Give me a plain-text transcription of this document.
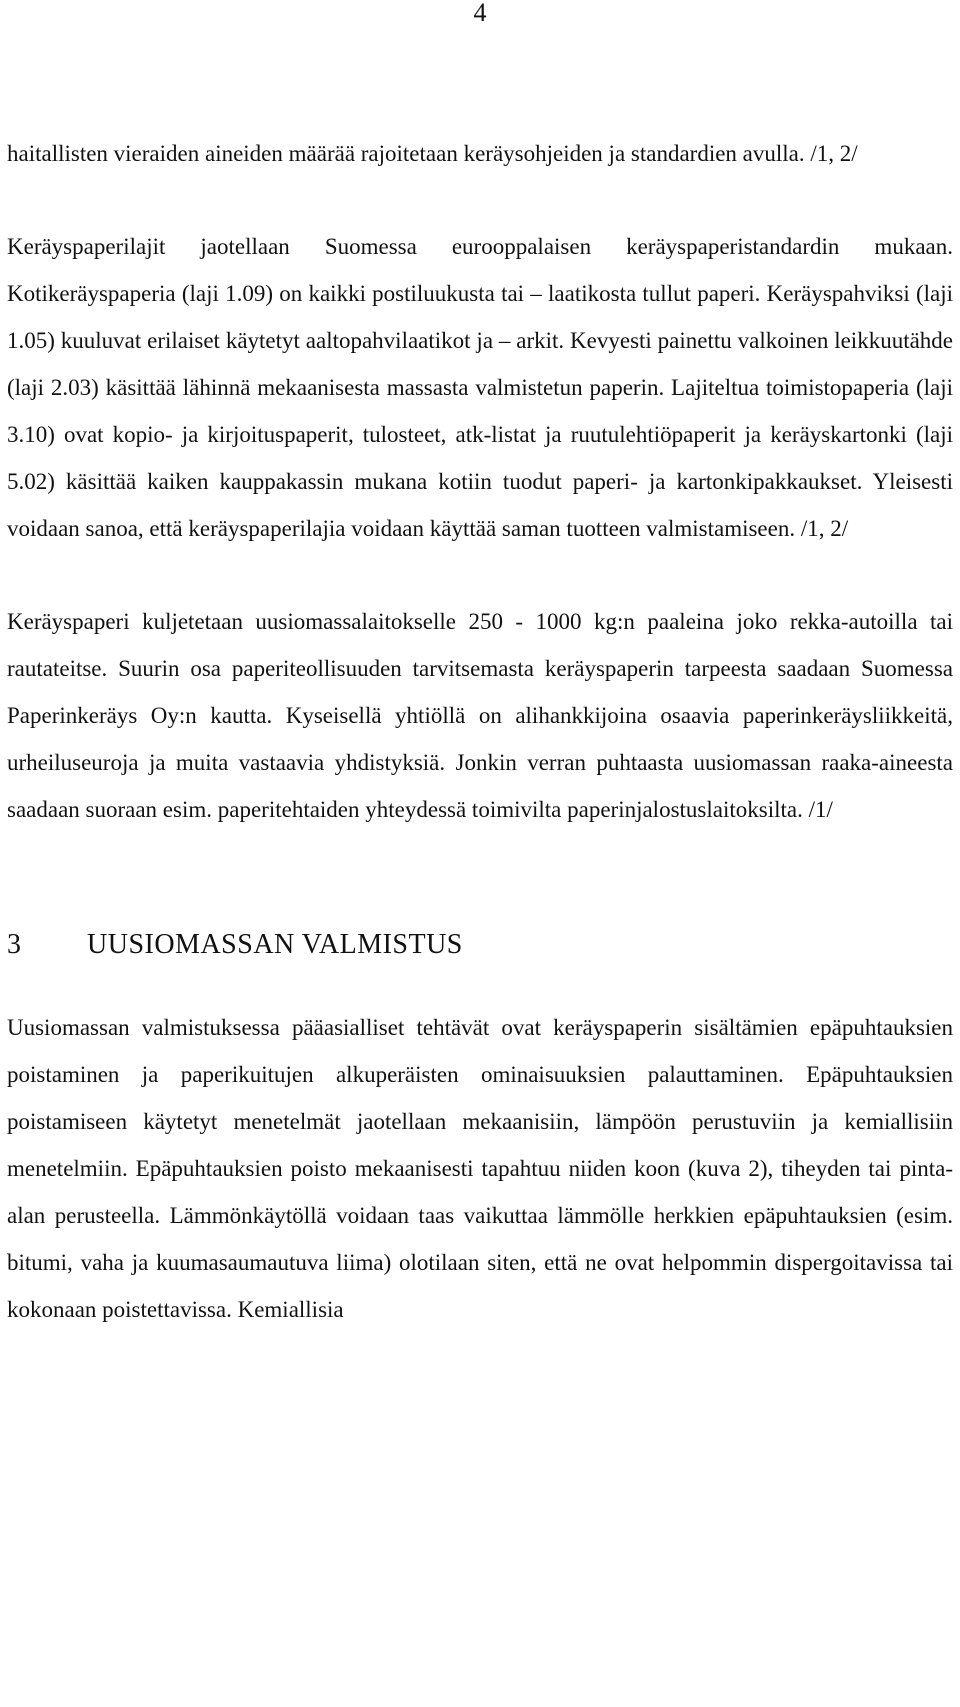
4

haitallisten vieraiden aineiden määrää rajoitetaan keräysohjeiden ja standardien avulla. /1, 2/

Keräyspaperilajit jaotellaan Suomessa eurooppalaisen keräyspaperistandardin mukaan. Kotikeräyspaperia (laji 1.09) on kaikki postiluukusta tai – laatikosta tullut paperi. Keräyspahviksi (laji 1.05) kuuluvat erilaiset käytetyt aaltopahvilaatikot ja – arkit. Kevyesti painettu valkoinen leikkuutähde (laji 2.03) käsittää lähinnä mekaanisesta massasta valmistetun paperin. Lajiteltua toimistopaperia (laji 3.10) ovat kopio- ja kirjoituspaperit, tulosteet, atk-listat ja ruutulehtiöpaperit ja keräyskartonki (laji 5.02) käsittää kaiken kauppakassin mukana kotiin tuodut paperi- ja kartonkipakkaukset. Yleisesti voidaan sanoa, että keräyspaperilajia voidaan käyttää saman tuotteen valmistamiseen. /1, 2/

Keräyspaperi kuljetetaan uusiomassalaitokselle 250 - 1000 kg:n paaleina joko rekka-autoilla tai rautateitse. Suurin osa paperiteollisuuden tarvitsemasta keräyspaperin tarpeesta saadaan Suomessa Paperinkeräys Oy:n kautta. Kyseisellä yhtiöllä on alihankkijoina osaavia paperinkeräysliikkeitä, urheiluseuroja ja muita vastaavia yhdistyksiä. Jonkin verran puhtaasta uusiomassan raaka-aineesta saadaan suoraan esim. paperitehtaiden yhteydessä toimivilta paperinjalostuslaitoksilta. /1/

3	UUSIOMASSAN VALMISTUS

Uusiomassan valmistuksessa pääasialliset tehtävät ovat keräyspaperin sisältämien epäpuhtauksien poistaminen ja paperikuitujen alkuperäisten ominaisuuksien palauttaminen. Epäpuhtauksien poistamiseen käytetyt menetelmät jaotellaan mekaanisiin, lämpöön perustuviin ja kemiallisiin menetelmiin. Epäpuhtauksien poisto mekaanisesti tapahtuu niiden koon (kuva 2), tiheyden tai pinta-alan perusteella. Lämmönkäytöllä voidaan taas vaikuttaa lämmölle herkkien epäpuhtauksien (esim. bitumi, vaha ja kuumasaumautuva liima) olotilaan siten, että ne ovat helpommin dispergoitavissa tai kokonaan poistettavissa. Kemiallisia
